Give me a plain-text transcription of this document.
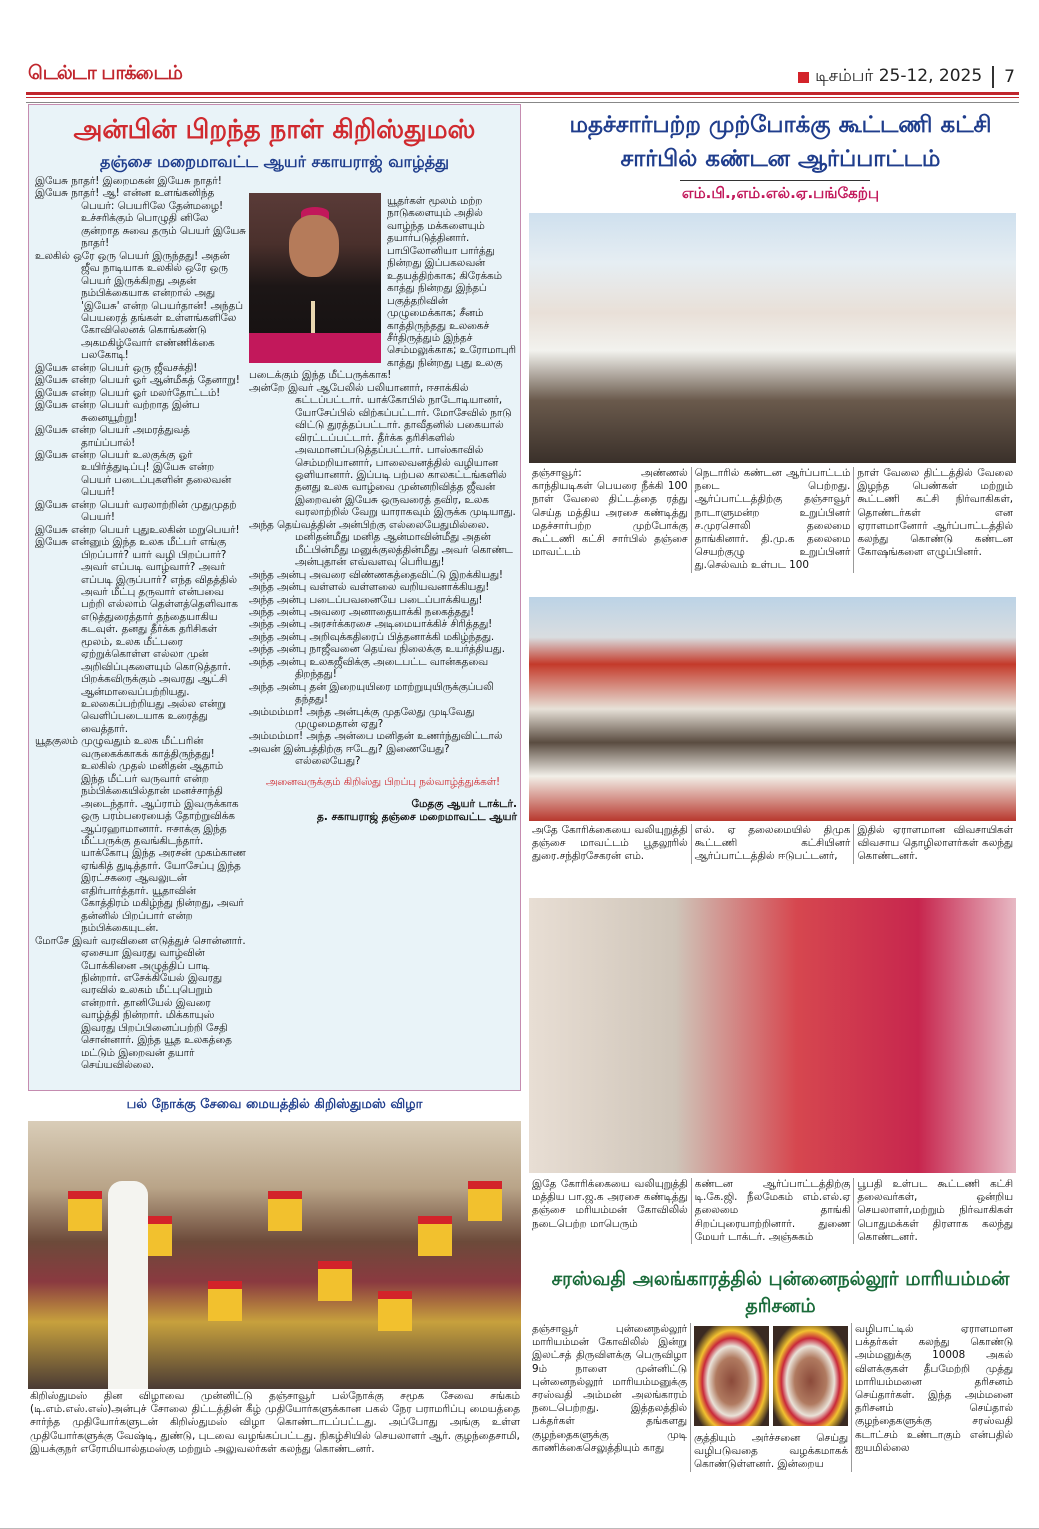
டெல்டா பாக்டைம்	டிசம்பர் 25-12, 2025 7
அன்பின் பிறந்த நாள் கிறிஸ்துமஸ்
தஞ்சை மறைமாவட்ட ஆயர் சகாயராஜ் வாழ்த்து

இயேசு நாதர்! இறைமகன் இயேசு நாதர்!

இயேசு நாதர்! ஆ! என்ன உளங்கனிந்த பெயர்: பெயரிலே தேன்மழை! உச்சரிக்கும் பொழுதி னிலே குன்றாத சுவை தரும் பெயர் இயேசு நாதர்!

உலகில் ஒரே ஒரு பெயர் இருந்தது! அதன் ஜீவ நாடியாக உலகில் ஒரே ஒரு பெயர் இருக்கிறது அதன் நம்பிக்கையாக என்றால் அது 'இயேசு' என்ற பெயர்தான்! அந்தப் பெயரைத் தங்கள் உள்ளங்களிலே கோவிலெனக் கொங்கண்டு அகமகிழ்வோர் எண்ணிக்கை பலகோடி!

இயேசு என்ற பெயர் ஒரு ஜீவசக்தி!

இயேசு என்ற பெயர் ஓர் ஆன்மீகத் தேனாறு!

இயேசு என்ற பெயர் ஓர் மலர்தோட்டம்!

இயேசு என்ற பெயர் வற்றாத இன்ப சுனையூற்று!

இயேசு என்ற பெயர் அமரத்துவத் தாய்ப்பால்!

இயேசு என்ற பெயர் உலகுக்கு ஓர் உயிர்த்துடிப்பு! இயேசு என்ற பெயர் படைப்புகளின் தலைவன் பெயர்!

இயேசு என்ற பெயர் வரலாற்றின் முதுமுதற் பெயர்!

இயேசு என்ற பெயர் புதுஉலகின் மறுபெயர்!

இயேசு என்னும் இந்த உலக மீட்பர் எங்கு பிறப்பார்? யார் வழி பிறப்பார்? அவர் எப்படி வாழ்வார்? அவர் எப்படி இருப்பார்? எந்த விதத்தில் அவர் மீட்பு தருவார் என்பவை பற்றி எல்லாம் தெள்ளத்தெளிவாக எடுத்துரைத்தார் தந்தையாகிய கடவுள். தனது தீர்க்க தரிசிகள் மூலம், உலக மீட்பரை ஏற்றுக்கொள்ள எல்லா முன் அறிவிப்புகளையும் கொடுத்தார். பிறக்கவிருக்கும் அவரது ஆட்சி ஆன்மாவைப்பற்றியது. உலகைப்பற்றியது அல்ல என்று வெளிப்படையாக உரைத்து வைத்தார்.

யூதகுலம் முழுவதும் உலக மீட்பரின் வருகைக்காகக் காத்திருந்தது! உலகில் முதல் மனிதன் ஆதாம் இந்த மீட்பர் வருவார் என்ற நம்பிக்கையில்தான் மனச்சாந்தி அடைந்தார். ஆப்ராம் இவருக்காக ஒரு பரம்பரையைத் தோற்றுவிக்க ஆப்ரஹாமானார். ஈசாக்கு இந்த மீட்பருக்கு தவங்கிடந்தார். யாக்கோபு இந்த அரசன் முகம்காண ஏங்கித் துடித்தார். யோசேப்பு இந்த இரட்சகரை ஆவலுடன் எதிர்பார்த்தார். யூதாவின் கோத்திரம் மகிழ்ந்து நின்றது, அவர் தன்னில் பிறப்பார் என்ற நம்பிக்கையுடன்.

மோசே இவர் வரவினை எடுத்துச் சொன்னார். ஏசையா இவரது வாழ்வின் போக்கினை அழுத்திப் பாடி நின்றார். எசேக்கியேல் இவரது வரவில் உலகம் மீட்புபெறும் என்றார். தானியேல் இவரை வாழ்த்தி நின்றார். மிக்காயுஸ் இவரது பிறப்பினைப்பற்றி சேதி சொன்னார். இந்த யூத உலகத்தை மட்டும் இறைவன் தயார் செய்யவில்லை.

யூதர்கள் மூலம் மற்ற நாடுகளையும் அதில் வாழ்ந்த மக்களையும் தயார்படுத்தினார்.

பாபிலோனியா பார்த்து நின்றது இப்பகலவன் உதயத்திற்காக; கிரேக்கம் காத்து நின்றது இந்தப் பகுத்தறிவின் முழுமைக்காக; சீனம் காத்திருந்தது உலகைச் சீர்திருத்தும் இந்தச் செம்மலுக்காக; உரோமாபுரி காத்து நின்றது புது உலகு படைக்கும் இந்த மீட்பருக்காக!

அன்றே இவர் ஆபேலில் பலியானார், ஈசாக்கில் கட்டப்பட்டார். யாக்கோபில் நாடோடியானர், யோசேப்பில் விற்கப்பட்டார். மோசேவில் நாடு விட்டு துரத்தப்பட்டார். தாவீதனில் பகையால் விரட்டப்பட்டார். தீர்க்க தரிசிகளில் அவமானப்படுத்தப்பட்டார். பாஸ்காவில் செம்மறியானார், பாலைவனத்தில் வழியான ஒளியானார். இப்படி பற்பல காலகட்டங்களில் தனது உலக வாழ்வை முன்னறிவித்த ஜீவன் இறைவன் இயேசு ஒருவரைத் தவிர, உலக வரலாற்றில் வேறு யாராகவும் இருக்க முடியாது.

அந்த தெய்வத்தின் அன்பிற்கு எல்லையேதுமில்லை. மனிதன்மீது மனித ஆன்மாவின்மீது அதன் மீட்பின்மீது மனுக்குலத்தின்மீது அவர் கொண்ட அன்புதான் எவ்வளவு பெரியது!

அந்த அன்பு அவரை விண்ணகத்தைவிட்டு இறக்கியது!

அந்த அன்பு வள்ளல் வள்ளலை வறியவனாக்கியது!

அந்த அன்பு படைப்பவனையே படைப்பாக்கியது!

அந்த அன்பு அவரை அனாதையாக்கி நகைத்தது!

அந்த அன்பு அரசர்க்கரசை அடிமையாக்கிச் சிரித்தது!

அந்த அன்பு அறிவுக்கதிரைப் பித்தனாக்கி மகிழ்ந்தது.

அந்த அன்பு நாஜீவனை தெய்வ நிலைக்கு உயர்த்தியது.

அந்த அன்பு உலகஜீவிக்கு அடைபட்ட வான்கதவை திறந்தது!

அந்த அன்பு தன் இறையுயிரை மாற்றுயுயிருக்குப்பலி தந்தது!

அம்மம்மா! அந்த அன்புக்கு முதலேது முடிவேது முழுமைதான் ஏது?

அம்மம்மா! அந்த அன்பை மனிதன் உணர்ந்துவிட்டால்

அவன் இன்பத்திற்கு ஈடேது? இணையேது? எல்லையேது?

அனைவருக்கும் கிறிஸ்து பிறப்பு நல்வாழ்த்துக்கள்!

மேதகு ஆயர் டாக்டர்.

த. சகாயராஜ் தஞ்சை மறைமாவட்ட ஆயர்

பல் நோக்கு சேவை மையத்தில் கிறிஸ்துமஸ் விழா
கிறிஸ்துமஸ் தின விழாவை முன்னிட்டு தஞ்சாவூர் பல்நோக்கு சமூக சேவை சங்கம் (டி.எம்.எஸ்.எஸ்)அன்புச் சோலை திட்டத்தின் கீழ் முதியோர்களுக்கான பகல் நேர பராமரிப்பு மையத்தை சார்ந்த முதியோர்களுடன் கிறிஸ்துமஸ் விழா கொண்டாடப்பட்டது. அப்போது அங்கு உள்ள முதியோர்களுக்கு வேஷ்டி, துண்டு, புடவை வழங்கப்பட்டது. நிகழ்சியில் செயலாளர் ஆர். குழந்தைசாமி, இயக்குநர் எரோமியால்தமஸ்கு மற்றும் அலுவலர்கள் கலந்து கொண்டனர்.
மதச்சார்பற்ற முற்போக்கு கூட்டணி கட்சி சார்பில் கண்டன ஆர்ப்பாட்டம்
எம்.பி.,எம்.எல்.ஏ.பங்கேற்பு
தஞ்சாவூர்: அண்ணல் காந்தியடிகள் பெயரை நீக்கி 100 நாள் வேலை திட்டத்தை ரத்து செய்த மத்திய அரசை கண்டித்து மதச்சார்பற்ற முற்போக்கு கூட்டணி கட்சி சார்பில் தஞ்சை மாவட்டம்
நெடாரில் கண்டன ஆர்ப்பாட்டம் நடை பெற்றது. ஆர்ப்பாட்டத்திற்கு தஞ்சாவூர் நாடாளுமன்ற உறுப்பினர் ச.முரசொலி தலைமை தாங்கினார். தி.மு.க தலைமை செயற்குழு உறுப்பினர் து.செல்வம் உள்பட 100
நாள் வேலை திட்டத்தில் வேலை இழந்த பெண்கள் மற்றும் கூட்டணி கட்சி நிர்வாகிகள், தொண்டர்கள் என ஏராளமானோர் ஆர்ப்பாட்டத்தில் கலந்து கொண்டு கண்டன கோஷங்களை எழுப்பினர்.
அதே கோரிக்கையை வலியுறுத்தி தஞ்சை மாவட்டம் பூதலூரில் துரை.சந்திரசேகரன் எம்.
எல். ஏ தலைமையில் திமுக கூட்டணி கட்சியினர் ஆர்ப்பாட்டத்தில் ஈடுபட்டனர்,
இதில் ஏராளமான விவசாயிகள் விவசாய தொழிலாளர்கள் கலந்து கொண்டனர்.
இதே கோரிக்கையை வலியுறுத்தி மத்திய பா.ஜ.க அரசை கண்டித்து தஞ்சை மரியம்மன் கோவிலில் நடைபெற்ற மாபெரும்
கண்டன ஆர்ப்பாட்டத்திற்கு டி.கே.ஜி. நீலமேகம் எம்.எல்.ஏ தலைமை தாங்கி சிறப்புரையாற்றினார். துணை மேயர் டாக்டர். அஞ்சுகம்
பூபதி உள்பட கூட்டணி கட்சி தலைவர்கள், ஒன்றிய செயலாளர்,மற்றும் நிர்வாகிகள் பொதுமக்கள் திரளாக கலந்து கொண்டனர்.
சரஸ்வதி அலங்காரத்தில் புன்னைநல்லூர் மாரியம்மன் தரிசனம்
தஞ்சாவூர் புன்னைநல்லூர் மாரியம்மன் கோவிலில் இன்று இலட்சத் திருவிளக்கு பெருவிழா 9ம் நாளை முன்னிட்டு புன்னைநல்லூர் மாரியம்மனுக்கு சரஸ்வதி அம்மன் அலங்காரம் நடைபெற்றது. இத்தலத்தில் பக்தர்கள் தங்களது குழந்தைகளுக்கு முடி காணிக்கைசெலுத்தியும் காது
குத்தியும் அர்ச்சனை செய்து வழிபடுவதை வழக்கமாகக் கொண்டுள்ளனர். இன்றைய
வழிபாட்டில் ஏராளமான பக்தர்கள் கலந்து கொண்டு அம்மனுக்கு 10008 அகல் விளக்குகள் தீபமேற்றி முத்து மாரியம்மனை தரிசனம் செய்தார்கள். இந்த அம்மனை தரிசனம் செய்தால் குழந்தைகளுக்கு சரஸ்வதி கடாட்சம் உண்டாகும் என்பதில் ஐயமில்லை
